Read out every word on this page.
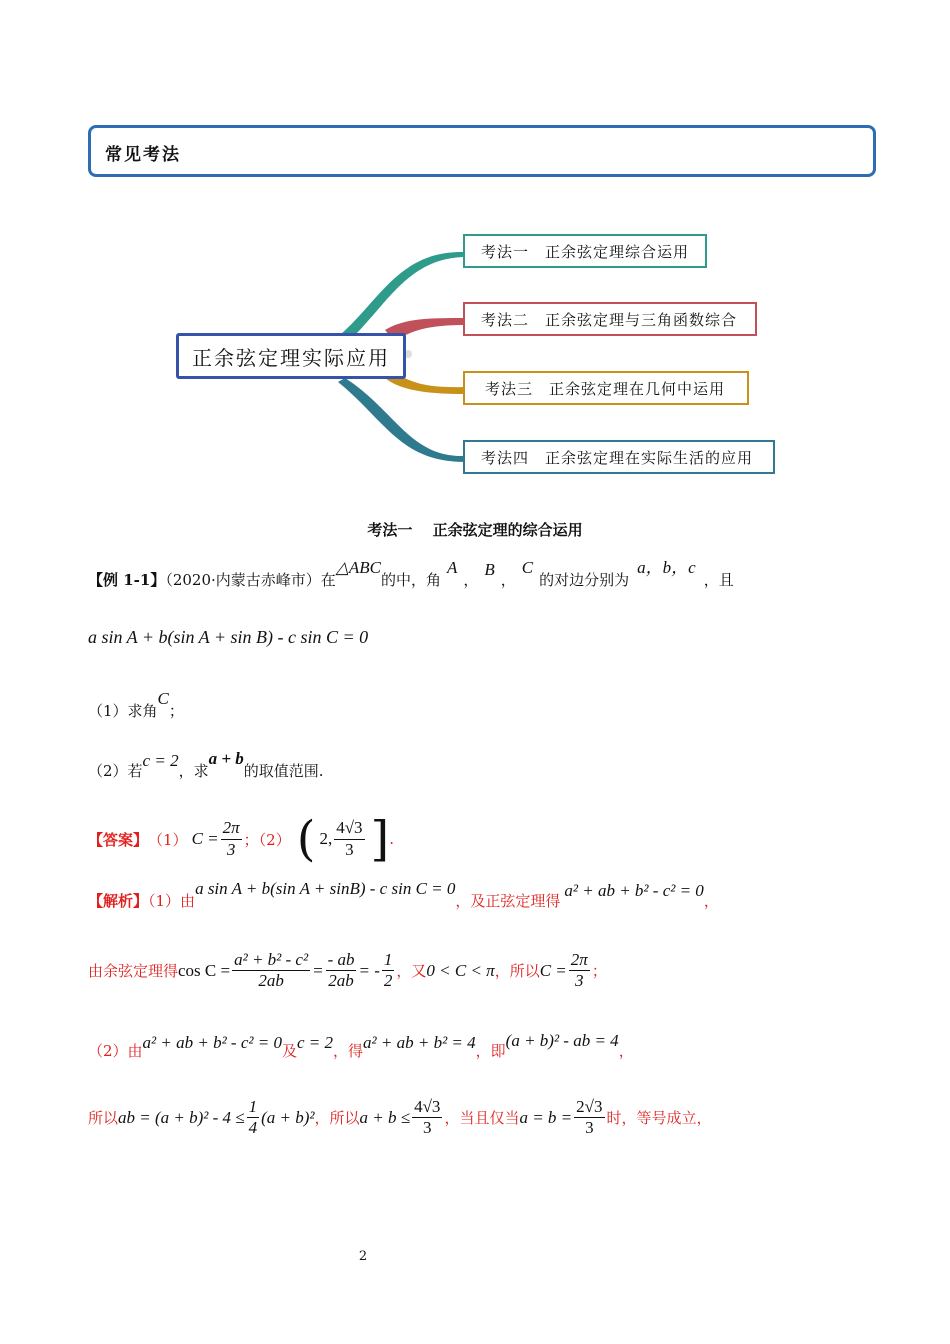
常见考法
正余弦定理实际应用
考法一　正余弦定理综合运用
考法二　正余弦定理与三角函数综合
考法三　正余弦定理在几何中运用
考法四　正余弦定理在实际生活的应用
考法一　 正余弦定理的综合运用
【例 1-1】（2020·内蒙古赤峰市）在△ABC的中，角A，B，C的对边分别为a，b，c，且
a sin A + b(sin A + sin B) - c sin C = 0
（1）求角C；
（2）若c = 2，求a + b的取值范围.
【答案】 （1） $C = \frac{2\pi}{3}$ ；（2） ( 2, $\frac{4√3}{3}$ ] .
【解析】（1）由a sin A + b(sin A + sinB) - c sin C = 0，及正弦定理得a² + ab + b² - c² = 0，
由余弦定理得 $\cos C = \frac{\text{a² + b² - c²}}{2ab} = \frac{- ab}{2ab}$ = - $\frac{1}{2}$ ，又 0 < C < π ，所以 $C = \frac{2\pi}{3}$ ；
（2）由a² + ab + b² - c² = 0及c = 2，得a² + ab + b² = 4，即(a + b)² - ab = 4，
所以 ab = $(a + b)^2 - 4 \le \frac{1}{4} (a + b)^2$ ，所以 $a + b \le \frac{4√3}{3}$ ，当且仅当 $a = b = \frac{2√3}{3}$ 时，等号成立，
2
